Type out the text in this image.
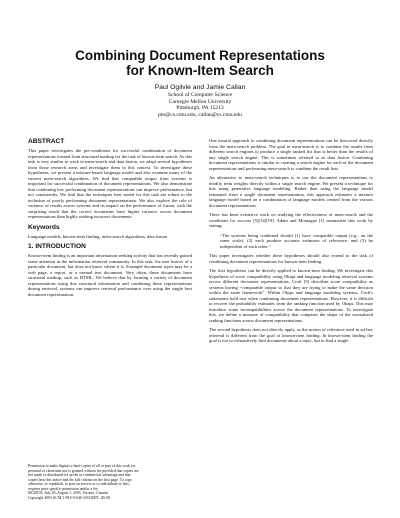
Combining Document Representations
for Known-Item Search
Paul Ogilvie and Jamie Callan
School of Computer Science
Carnegie Mellon University
Pittsburgh, PA 15213
pto@cs.cmu.edu, callan@cs.cmu.edu
ABSTRACT

This paper investigates the pre-conditions for successful combination of document representations formed from structural markup for the task of known-item search. As this task is very similar to work in meta-search and data fusion, we adapt several hypotheses from those research areas and investigate them in this context. To investigate these hypotheses, we present a mixture-based language model and also examine many of the current meta-search algorithms. We find that compatible output from systems is important for successful combination of document representations. We also demonstrate that combining low performing document representations can improve performance, but not consistently. We find that the techniques best suited for this task are robust to the inclusion of poorly performing document representations. We also explore the role of variance of results across systems and its impact on the performance of fusion, with the surprising result that the correct documents have higher variance across document representations than highly ranking incorrect documents.

Keywords

Language models, known-item finding, meta-search algorithms, data fusion

1. INTRODUCTION

Known-item finding is an important information seeking activity that has recently gained some attention in the information retrieval community. In this task, the user knows of a particular document, but does not know where it is. Example document types may be a web page, a report, or a normal text document. Very often, these documents have structural markup, such as HTML. We believe that by forming a variety of document representations using this structural information and combining these representations during retrieval, systems can improve retrieval performance over using the single best document representation.

Permission to make digital or hard copies of all or part of this work for
personal or classroom use is granted without fee provided that copies are
not made or distributed for profit or commercial advantage and that
copies bear this notice and the full citation on the first page. To copy
otherwise, or republish, to post on servers or to redistribute to lists,
requires prior specific permission and/or a fee.
SIGIR'03, July 28–August 1, 2003, Toronto, Canada.
Copyright 2003 ACM 1-58113-646-3/03/0007...$5.00.

One natural approach to combining document representations can be borrowed directly from the meta-search problem. The goal in meta-search is to combine the results from different search engines to produce a single ranked list that is better than the results of any single search engine. This is sometimes referred to as data fusion. Combining document representations is similar to creating a search engine for each of the document representations and performing meta-search to combine the result lists.

An alternative to meta-search techniques is to use the document representations to modify term weights directly within a single search engine. We present a technique for this using generative language modeling. Rather than using the language model estimated from a single document representation, this approach estimates a mixture language model based on a combination of language models created from the various document representations.

There has been extensive work on studying the effectiveness of meta-search and the conditions for success [5][14][19]. Adam and Montague [1] summarize this work by stating:

“The systems being combined should (1) have compatible output (e.g., on the same scale), (2) each produce accurate estimates of relevance, and (3) be independent of each other.”

This paper investigates whether these hypotheses should also extend to the task of combining document representations for known-item finding.

The first hypothesis can be directly applied to known-item finding. We investigate this hypothesis of score compatibility using Okapi and language modeling retrieval systems across different document representations. Croft [5] describes score compatibility as systems having “comparable output so that they are trying to make the same decision within the same framework”. Within Okapi and language modeling systems, Croft's statements hold true when combining document representations. However, it is difficult to recover the probability estimates from the ranking function used by Okapi. This may introduce some incompatibilities across the document representations. To investigate this, we define a measure of compatibility that compares the shape of the normalized ranking functions across document representations.

The second hypothesis does not directly apply, as the notion of relevance used in ad-hoc retrieval is different from the goal of known-item finding. In known-item finding the goal is not to exhaustively find documents about a topic, but to find a single
